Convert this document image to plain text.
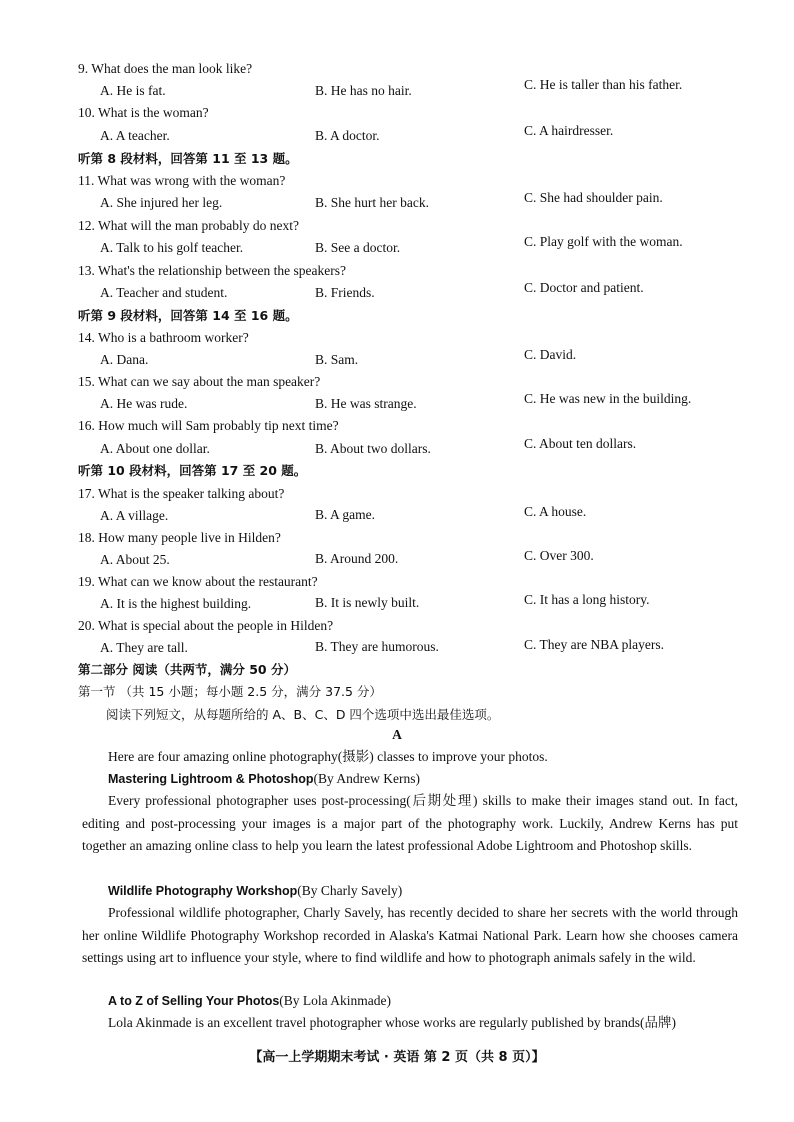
9. What does the man look like?
A. He is fat.	B. He has no hair.	C. He is taller than his father.
10. What is the woman?
A. A teacher.	B. A doctor.	C. A hairdresser.
听第 8 段材料，回答第 11 至 13 题。
11. What was wrong with the woman?
A. She injured her leg.	B. She hurt her back.	C. She had shoulder pain.
12. What will the man probably do next?
A. Talk to his golf teacher.	B. See a doctor.	C. Play golf with the woman.
13. What's the relationship between the speakers?
A. Teacher and student.	B. Friends.	C. Doctor and patient.
听第 9 段材料，回答第 14 至 16 题。
14. Who is a bathroom worker?
A. Dana.	B. Sam.	C. David.
15. What can we say about the man speaker?
A. He was rude.	B. He was strange.	C. He was new in the building.
16. How much will Sam probably tip next time?
A. About one dollar.	B. About two dollars.	C. About ten dollars.
听第 10 段材料，回答第 17 至 20 题。
17. What is the speaker talking about?
A. A village.	B. A game.	C. A house.
18. How many people live in Hilden?
A. About 25.	B. Around 200.	C. Over 300.
19. What can we know about the restaurant?
A. It is the highest building.	B. It is newly built.	C. It has a long history.
20. What is special about the people in Hilden?
A. They are tall.	B. They are humorous.	C. They are NBA players.
第二部分 阅读（共两节，满分 50 分）
第一节 （共 15 小题；每小题 2.5 分，满分 37.5 分）
阅读下列短文，从每题所给的 A、B、C、D 四个选项中选出最佳选项。
A
Here are four amazing online photography(摄影) classes to improve your photos.
Mastering Lightroom & Photoshop(By Andrew Kerns)
Every professional photographer uses post-processing(后期处理) skills to make their images stand out. In fact, editing and post-processing your images is a major part of the photography work. Luckily, Andrew Kerns has put together an amazing online class to help you learn the latest professional Adobe Lightroom and Photoshop skills.
Wildlife Photography Workshop(By Charly Savely)
Professional wildlife photographer, Charly Savely, has recently decided to share her secrets with the world through her online Wildlife Photography Workshop recorded in Alaska's Katmai National Park. Learn how she chooses camera settings using art to influence your style, where to find wildlife and how to photograph animals safely in the wild.
A to Z of Selling Your Photos(By Lola Akinmade)
Lola Akinmade is an excellent travel photographer whose works are regularly published by brands(品牌)
【高一上学期期末考试 · 英语 第 2 页（共 8 页）】
